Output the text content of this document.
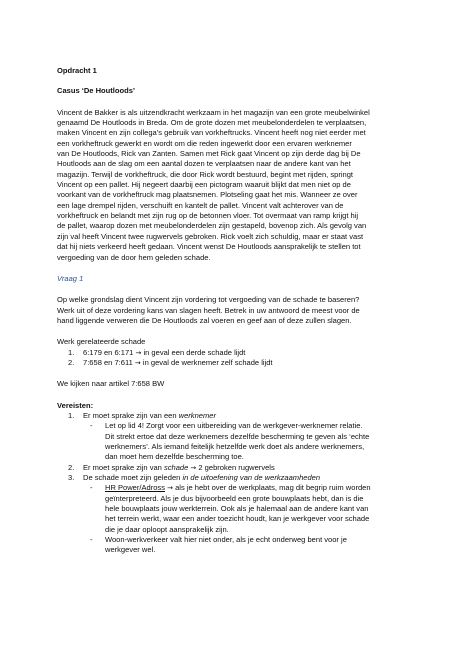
Opdracht 1
Casus ‘De Houtloods’

Vincent de Bakker is als uitzendkracht werkzaam in het magazijn van een grote meubelwinkel

genaamd De Houtloods in Breda. Om de grote dozen met meubelonderdelen te verplaatsen,

maken Vincent en zijn collega’s gebruik van vorkheftrucks. Vincent heeft nog niet eerder met

een vorkheftruck gewerkt en wordt om die reden ingewerkt door een ervaren werknemer

van De Houtloods, Rick van Zanten. Samen met Rick gaat Vincent op zijn derde dag bij De

Houtloods aan de slag om een aantal dozen te verplaatsen naar de andere kant van het

magazijn. Terwijl de vorkheftruck, die door Rick wordt bestuurd, begint met rijden, springt

Vincent op een pallet. Hij negeert daarbij een pictogram waaruit blijkt dat men niet op de

voorkant van de vorkheftruck mag plaatsnemen. Plotseling gaat het mis. Wanneer ze over

een lage drempel rijden, verschuift en kantelt de pallet. Vincent valt achterover van de

vorkheftruck en belandt met zijn rug op de betonnen vloer. Tot overmaat van ramp krijgt hij

de pallet, waarop dozen met meubelonderdelen zijn gestapeld, bovenop zich. Als gevolg van

zijn val heeft Vincent twee rugwervels gebroken. Rick voelt zich schuldig, maar er staat vast

dat hij niets verkeerd heeft gedaan. Vincent wenst De Houtloods aansprakelijk te stellen tot

vergoeding van de door hem geleden schade.

Vraag 1

Op welke grondslag dient Vincent zijn vordering tot vergoeding van de schade te baseren?

Werk uit of deze vordering kans van slagen heeft. Betrek in uw antwoord de meest voor de

hand liggende verweren die De Houtloods zal voeren en geef aan of deze zullen slagen.

Werk gerelateerde schade
1. 6:179 en 6:171 → in geval een derde schade lijdt
2. 7:658 en 7:611 → in geval de werknemer zelf schade lijdt
We kijken naar artikel 7:658 BW
Vereisten:
1. Er moet sprake zijn van een werknemer
- Let op lid 4! Zorgt voor een uitbereiding van de werkgever-werknemer relatie.
Dit strekt ertoe dat deze werknemers dezelfde bescherming te geven als ‘echte
werknemers’. Als iemand feitelijk hetzelfde werk doet als andere werknemers,
dan moet hem dezelfde bescherming toe.
2. Er moet sprake zijn van schade → 2 gebroken rugwervels
3. De schade moet zijn geleden in de uitoefening van de werkzaamheden
- HR Power/Adross → als je hebt over de werkplaats, mag dit begrip ruim worden
geïnterpreteerd. Als je dus bijvoorbeeld een grote bouwplaats hebt, dan is die
hele bouwplaats jouw werkterrein. Ook als je halemaal aan de andere kant van
het terrein werkt, waar een ander toezicht houdt, kan je werkgever voor schade
die je daar oploopt aansprakelijk zijn.
- Woon-werkverkeer valt hier niet onder, als je echt onderweg bent voor je
werkgever wel.
